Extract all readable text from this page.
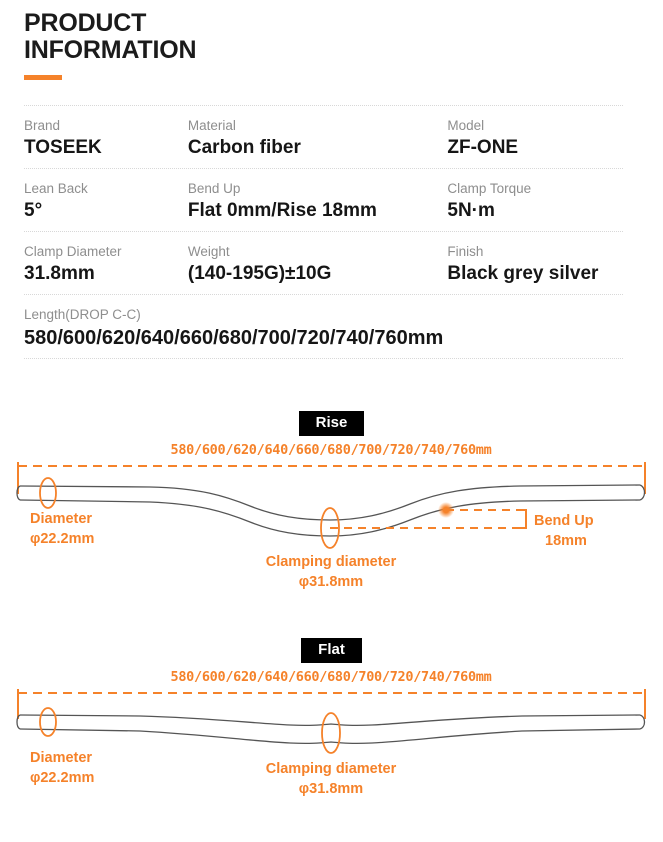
PRODUCT
INFORMATION
Brand
TOSEEK
Material
Carbon fiber
Model
ZF-ONE
Lean Back
5°
Bend Up
Flat 0mm/Rise 18mm
Clamp Torque
5N·m
Clamp Diameter
31.8mm
Weight
(140-195G)±10G
Finish
Black grey silver
Length(DROP C-C)
580/600/620/640/660/680/700/720/740/760mm
Rise
580/600/620/640/660/680/700/720/740/760mm
Diameter
φ22.2mm
Clamping diameter
φ31.8mm
Bend Up
18mm
Flat
580/600/620/640/660/680/700/720/740/760mm
Diameter
φ22.2mm
Clamping diameter
φ31.8mm
